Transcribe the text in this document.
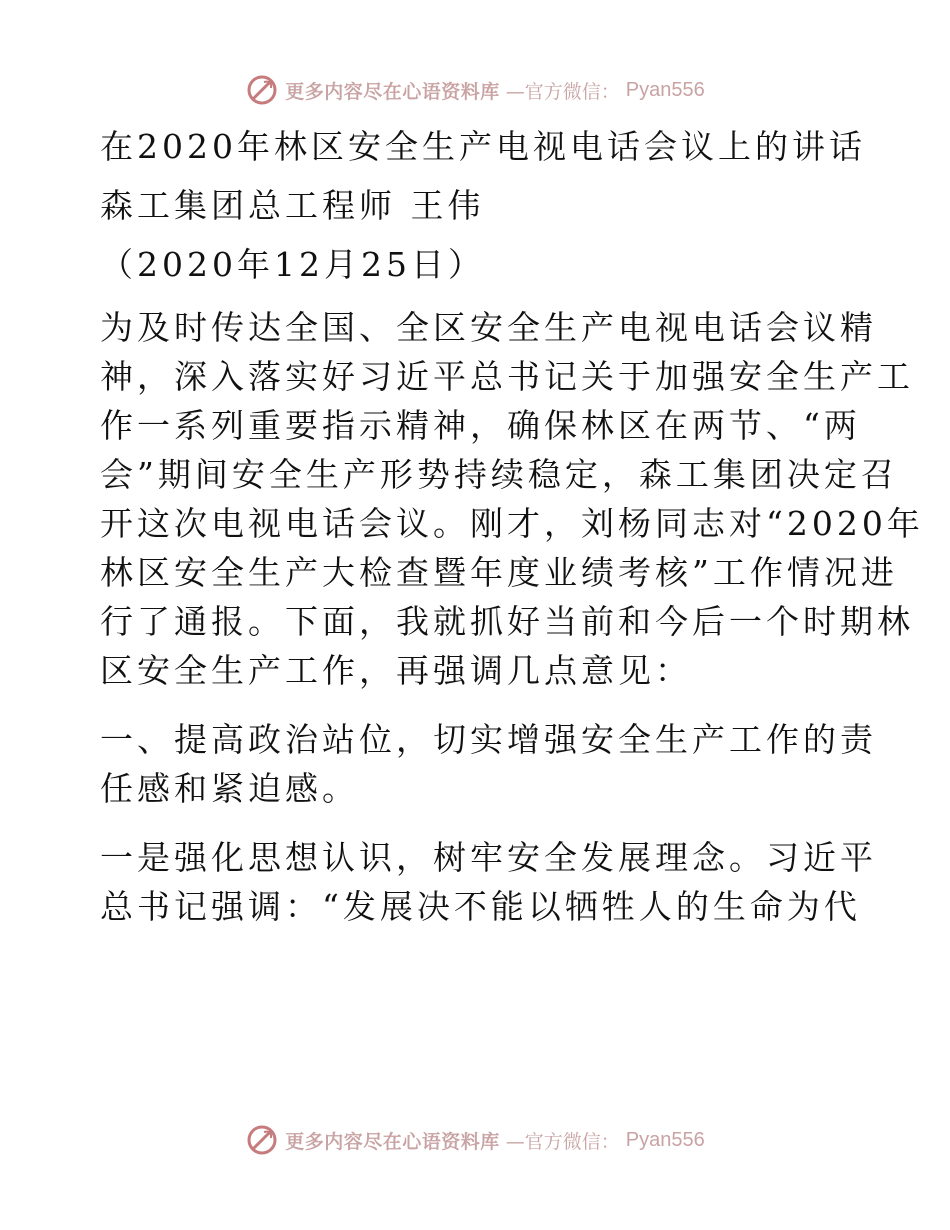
更多内容尽在心语资料库 —官方微信： Pyan556
在2020年林区安全生产电视电话会议上的讲话
森工集团总工程师 王伟
（2020年12月25日）
为及时传达全国、全区安全生产电视电话会议精
神，深入落实好习近平总书记关于加强安全生产工
作一系列重要指示精神，确保林区在两节、“两
会”期间安全生产形势持续稳定，森工集团决定召
开这次电视电话会议。刚才，刘杨同志对“2020年
林区安全生产大检查暨年度业绩考核”工作情况进
行了通报。下面，我就抓好当前和今后一个时期林
区安全生产工作，再强调几点意见：
一、提高政治站位，切实增强安全生产工作的责
任感和紧迫感。
一是强化思想认识，树牢安全发展理念。习近平
总书记强调：“发展决不能以牺牲人的生命为代
更多内容尽在心语资料库 —官方微信： Pyan556
